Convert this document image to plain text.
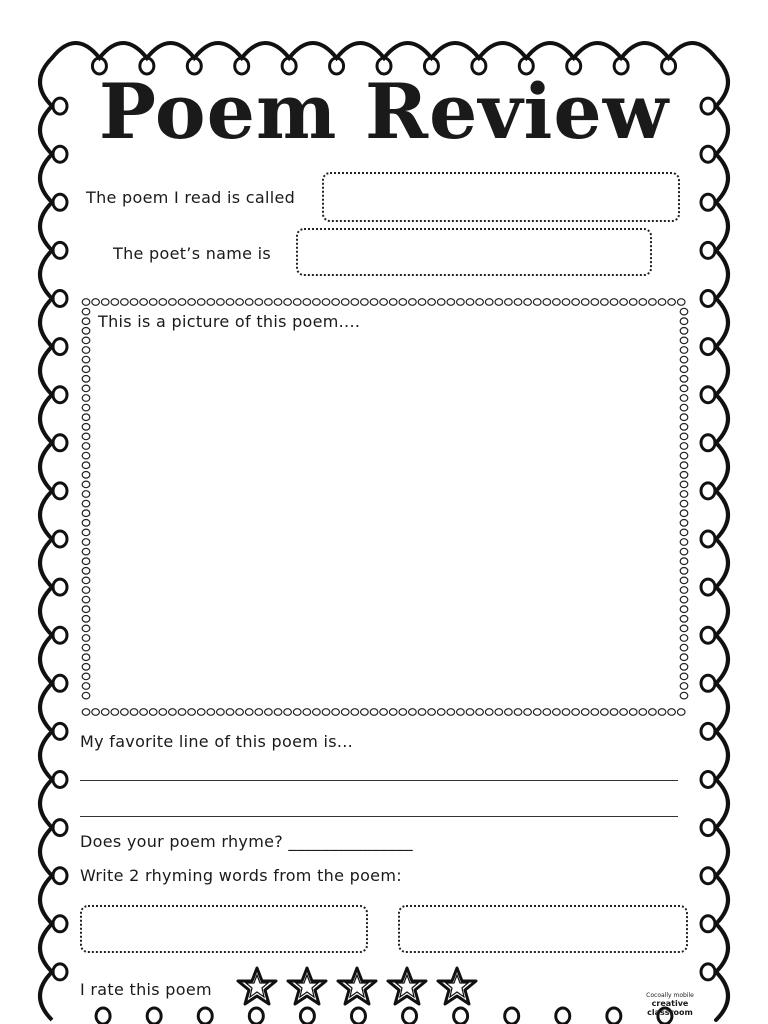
Poem Review
The poem I read is called
The poet’s name is
This is a picture of this poem....
My favorite line of this poem is...
Does your poem rhyme? _______________
Write 2 rhyming words from the poem:
I rate this poem	Cocoally mobile
creative
classroom
